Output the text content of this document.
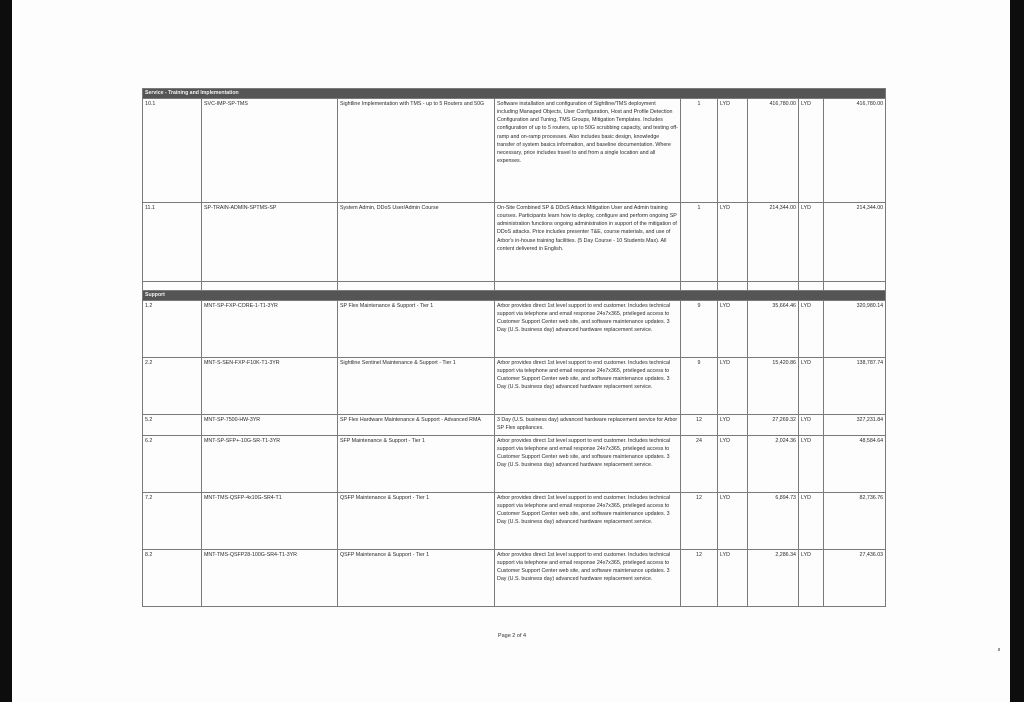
Service - Training and Implementation								
10.1	SVC-IMP-SP-TMS	Sightline Implementation with TMS - up to 5 Routers and 50G	Software installation and configuration of Sightline/TMS deployment including Managed Objects, User Configuration, Host and Profile Detection Configuration and Tuning, TMS Groups, Mitigation Templates. Includes configuration of up to 5 routers, up to 50G scrubbing capacity, and testing off-ramp and on-ramp processes. Also includes basic design, knowledge transfer of system basics information, and baseline documentation. Where necessary, price includes travel to and from a single location and all expenses.	1	LYD	416,780.00	LYD	416,780.00
11.1	SP-TRAIN-ADMIN-SPTMS-SP	System Admin, DDoS User/Admin Course	On-Site Combined SP & DDoS Attack Mitigation User and Admin training courses. Participants learn how to deploy, configure and perform ongoing SP administration functions ongoing administration in support of the mitigation of DDoS attacks. Price includes presenter T&E, course materials, and use of Arbor's in-house training facilities. (5 Day Course - 10 Students Max). All content delivered in English.	1	LYD	214,344.00	LYD	214,344.00

Support								
1.2	MNT-SP-FXP-CORE-1-T1-3YR	SP Flex Maintenance & Support - Tier 1	Arbor provides direct 1st level support to end customer. Includes technical support via telephone and email response 24x7x365, privileged access to Customer Support Center web site, and software maintenance updates. 3 Day (U.S. business day) advanced hardware replacement service.	9	LYD	35,664.46	LYD	320,980.14
2.2	MNT-S-SEN-FXP-F10K-T1-3YR	Sightline Sentinel Maintenance & Support - Tier 1	Arbor provides direct 1st level support to end customer. Includes technical support via telephone and email response 24x7x365, privileged access to Customer Support Center web site, and software maintenance updates. 3 Day (U.S. business day) advanced hardware replacement service.	9	LYD	15,420.86	LYD	138,787.74
5.2	MNT-SP-7500-HW-3YR	SP Flex Hardware Maintenance & Support - Advanced RMA	3 Day (U.S. business day) advanced hardware replacement service for Arbor SP Flex appliances.	12	LYD	27,269.32	LYD	327,231.84
6.2	MNT-SP-SFP+-10G-SR-T1-3YR	SFP Maintenance & Support - Tier 1	Arbor provides direct 1st level support to end customer. Includes technical support via telephone and email response 24x7x365, privileged access to Customer Support Center web site, and software maintenance updates. 3 Day (U.S. business day) advanced hardware replacement service.	24	LYD	2,024.36	LYD	48,584.64
7.2	MNT-TMS-QSFP-4x10G-SR4-T1	QSFP Maintenance & Support - Tier 1	Arbor provides direct 1st level support to end customer. Includes technical support via telephone and email response 24x7x365, privileged access to Customer Support Center web site, and software maintenance updates. 3 Day (U.S. business day) advanced hardware replacement service.	12	LYD	6,894.73	LYD	82,736.76
8.2	MNT-TMS-QSFP28-100G-SR4-T1-3YR	QSFP Maintenance & Support - Tier 1	Arbor provides direct 1st level support to end customer. Includes technical support via telephone and email response 24x7x365, privileged access to Customer Support Center web site, and software maintenance updates. 3 Day (U.S. business day) advanced hardware replacement service.	12	LYD	2,286.34	LYD	27,436.03
Page 2 of 4
